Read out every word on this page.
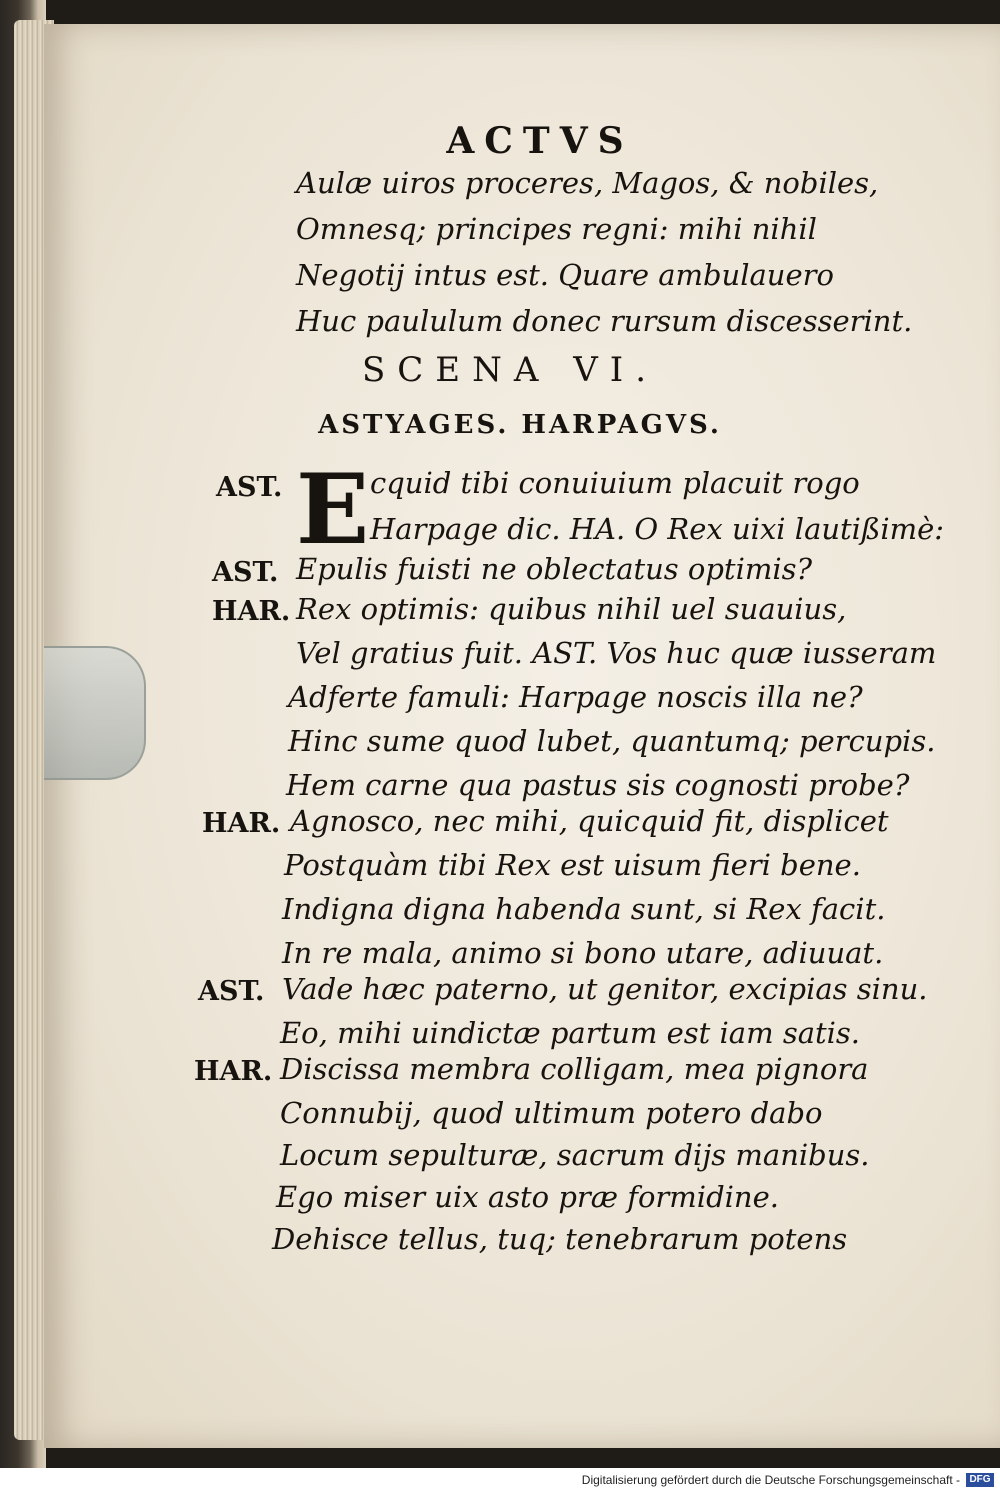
ACTVS
Aulæ uiros proceres, Magos, & nobiles,
Omnesq; principes regni: mihi nihil
Negotij intus est. Quare ambulauero
Huc paululum donec rursum discesserint.
SCENA VI.
ASTYAGES. HARPAGVS.
E
AST.	cquid tibi conuiuium placuit rogo
Harpage dic. HA. O Rex uixi lautißimè:
AST. Epulis fuisti ne oblectatus optimis?
HAR. Rex optimis: quibus nihil uel suauius,
Vel gratius fuit. AST. Vos huc quæ iusseram
Adferte famuli: Harpage noscis illa ne?
Hinc sume quod lubet, quantumq; percupis.
Hem carne qua pastus sis cognosti probe?
HAR. Agnosco, nec mihi, quicquid fit, displicet
Postquàm tibi Rex est uisum fieri bene.
Indigna digna habenda sunt, si Rex facit.
In re mala, animo si bono utare, adiuuat.
AST. Vade hæc paterno, ut genitor, excipias sinu.
Eo, mihi uindictæ partum est iam satis.
HAR. Discissa membra colligam, mea pignora
Connubij, quod ultimum potero dabo
Locum sepulturæ, sacrum dijs manibus.
Ego miser uix asto præ formidine.
Dehisce tellus, tuq; tenebrarum potens
Digitalisierung gefördert durch die Deutsche Forschungsgemeinschaft - DFG
